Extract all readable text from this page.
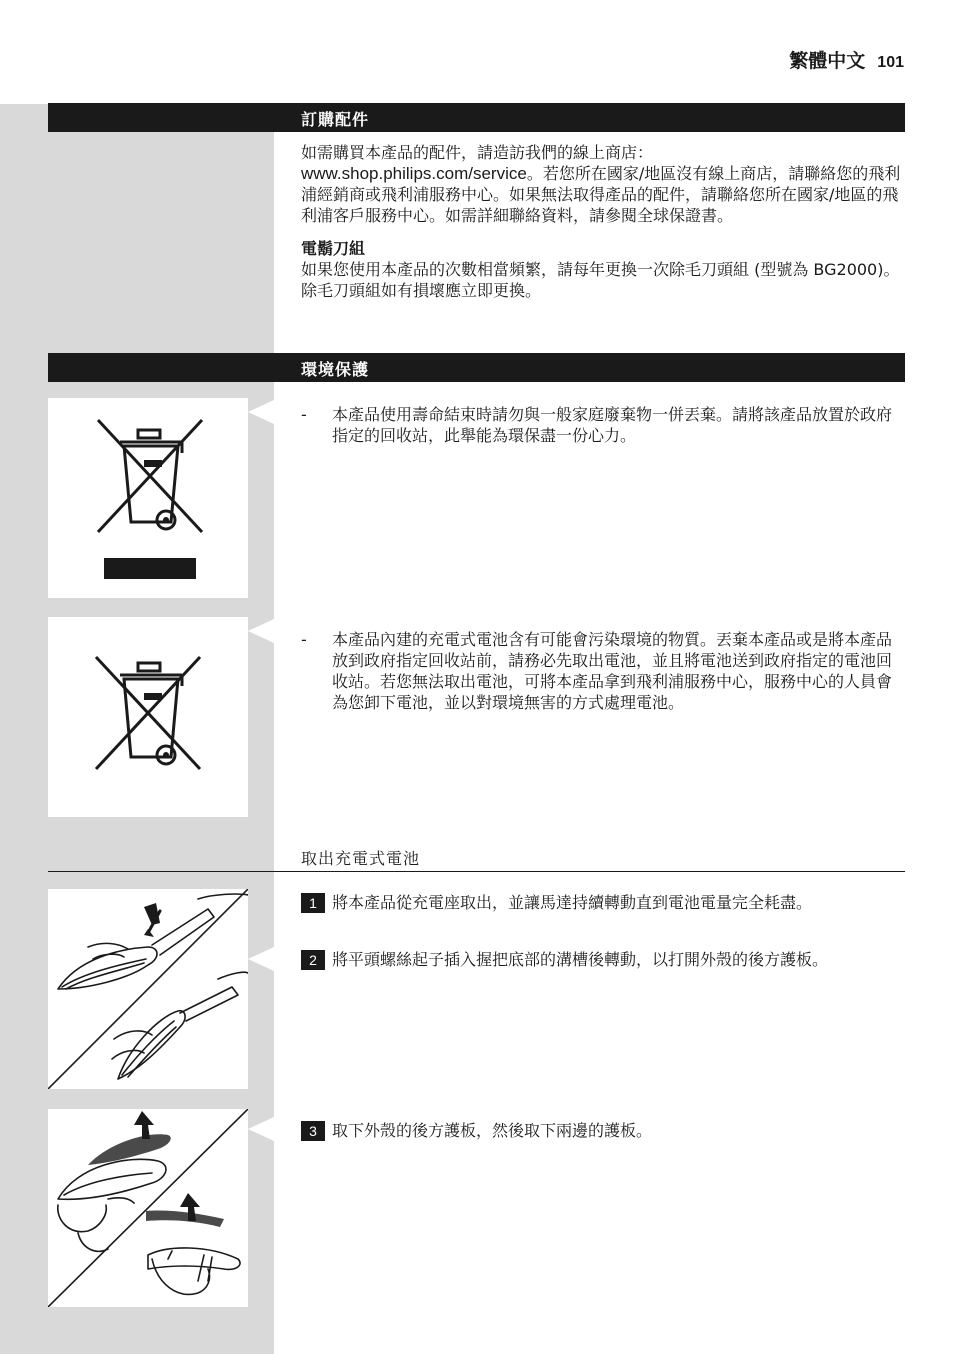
繁體中文 101
訂購配件

如需購買本產品的配件，請造訪我們的線上商店：
www.shop.philips.com/service。若您所在國家/地區沒有線上商店，請聯絡您的飛利浦經銷商或飛利浦服務中心。如果無法取得產品的配件，請聯絡您所在國家/地區的飛利浦客戶服務中心。如需詳細聯絡資料，請參閱全球保證書。

電鬍刀組

如果您使用本產品的次數相當頻繁，請每年更換一次除毛刀頭組 (型號為 BG2000)。除毛刀頭組如有損壞應立即更換。

環境保護
- 本產品使用壽命結束時請勿與一般家庭廢棄物一併丟棄。請將該產品放置於政府指定的回收站，此舉能為環保盡一份心力。
- 本產品內建的充電式電池含有可能會污染環境的物質。丟棄本產品或是將本產品放到政府指定回收站前，請務必先取出電池，並且將電池送到政府指定的電池回收站。若您無法取出電池，可將本產品拿到飛利浦服務中心，服務中心的人員會為您卸下電池，並以對環境無害的方式處理電池。
取出充電式電池
1 將本產品從充電座取出，並讓馬達持續轉動直到電池電量完全耗盡。
2 將平頭螺絲起子插入握把底部的溝槽後轉動，以打開外殼的後方護板。
3 取下外殼的後方護板，然後取下兩邊的護板。
